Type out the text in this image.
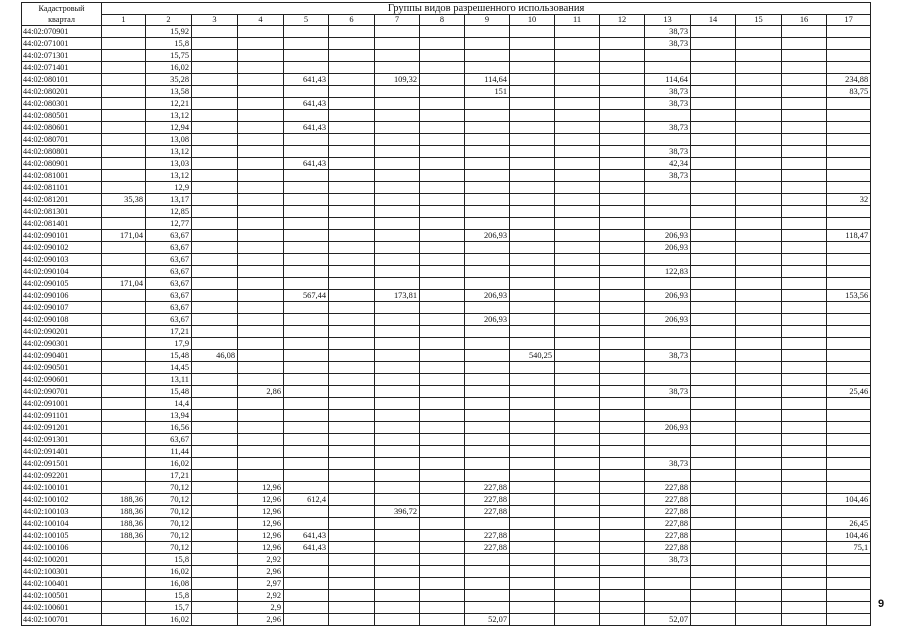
Кадастровый
квартал	Группы видов разрешенного использования																
	1	2	3	4	5	6	7	8	9	10	11	12	13	14	15	16	17
44:02:070901		15,92											38,73				
44:02:071001		15,8											38,73				
44:02:071301		15,75															
44:02:071401		16,02															
44:02:080101		35,28			641,43		109,32		114,64				114,64				234,88
44:02:080201		13,58							151				38,73				83,75
44:02:080301		12,21			641,43								38,73				
44:02:080501		13,12															
44:02:080601		12,94			641,43								38,73				
44:02:080701		13,08															
44:02:080801		13,12											38,73				
44:02:080901		13,03			641,43								42,34				
44:02:081001		13,12											38,73				
44:02:081101		12,9															
44:02:081201	35,38	13,17															32
44:02:081301		12,85															
44:02:081401		12,77															
44:02:090101	171,04	63,67							206,93				206,93				118,47
44:02:090102		63,67											206,93				
44:02:090103		63,67															
44:02:090104		63,67											122,83				
44:02:090105	171,04	63,67															
44:02:090106		63,67			567,44		173,81		206,93				206,93				153,56
44:02:090107		63,67															
44:02:090108		63,67							206,93				206,93				
44:02:090201		17,21															
44:02:090301		17,9															
44:02:090401		15,48	46,08							540,25			38,73				
44:02:090501		14,45															
44:02:090601		13,11															
44:02:090701		15,48		2,86									38,73				25,46
44:02:091001		14,4															
44:02:091101		13,94															
44:02:091201		16,56											206,93				
44:02:091301		63,67															
44:02:091401		11,44															
44:02:091501		16,02											38,73				
44:02:092201		17,21															
44:02:100101		70,12		12,96					227,88				227,88				
44:02:100102	188,36	70,12		12,96	612,4				227,88				227,88				104,46
44:02:100103	188,36	70,12		12,96			396,72		227,88				227,88				
44:02:100104	188,36	70,12		12,96									227,88				26,45
44:02:100105	188,36	70,12		12,96	641,43				227,88				227,88				104,46
44:02:100106		70,12		12,96	641,43				227,88				227,88				75,1
44:02:100201		15,8		2,92									38,73				
44:02:100301		16,02		2,96													
44:02:100401		16,08		2,97													
44:02:100501		15,8		2,92													
44:02:100601		15,7		2,9													
44:02:100701		16,02		2,96					52,07				52,07				
9
